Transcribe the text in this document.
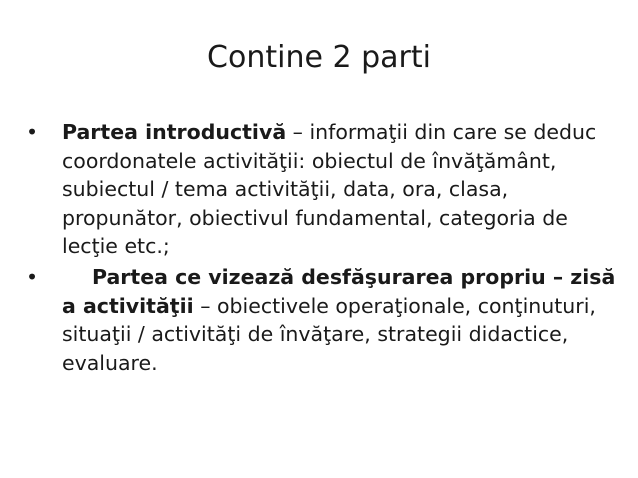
Contine 2 parti
• Partea introductivă – informaţii din care se deduc coordonatele activităţii: obiectul de învăţământ, subiectul / tema activităţii, data, ora, clasa, propunător, obiectivul fundamental, categoria de lecţie etc.;
•	Partea ce vizează desfăşurarea propriu – zisă a activităţii – obiectivele operaţionale, conţinuturi, situaţii / activităţi de învăţare, strategii didactice, evaluare.
